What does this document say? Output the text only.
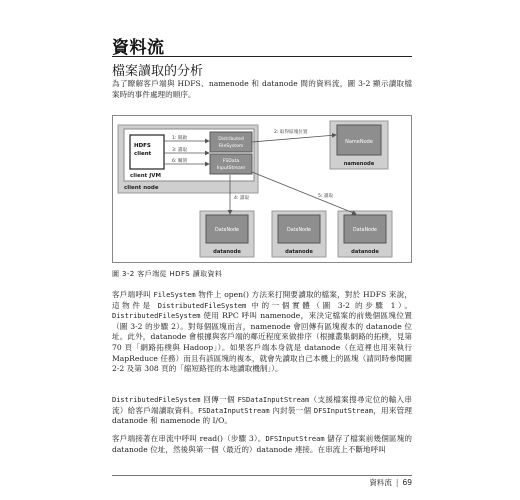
資料流
檔案讀取的分析
為了瞭解客戶端與 HDFS、namenode 和 datanode 間的資料流，圖 3-2 顯示讀取檔案時的事件處理的順序。
client node
client JVM
HDFS
client
Distributed
FileSystem
FSData
InputStream
1: 開啟
3: 讀取
6: 關閉
NameNode
namenode
2: 取得區塊位置
DataNode
datanode
DataNode
datanode
DataNode
datanode
4: 讀取	5: 讀取
圖 3-2 客戶端從 HDFS 讀取資料
客戶端呼叫 FileSystem 物件上 open() 方法來打開要讀取的檔案，對於 HDFS 來說，這物件是 DistributedFileSystem 中的一個實體（圖 3-2 的步驟 1）。DistributedFileSystem 使用 RPC 呼叫 namenode，來決定檔案的前幾個區塊位置（圖 3-2 的步驟 2）。對每個區塊而言，namenode 會回傳有區塊複本的 datanode 位址。此外，datanode 會根據與客戶端的鄰近程度來做排序（根據叢集網路的拓樸，見第 70 頁「網路拓樸與 Hadoop」）。如果客戶端本身就是 datanode（在這裡也用來執行 MapReduce 任務）而且有該區塊的複本，就會先讀取自己本機上的區塊（請同時參閱圖 2-2 及第 308 頁的「縮短路徑的本地讀取機制」）。
DistributedFileSystem 回傳一個 FSDataInputStream（支援檔案搜尋定位的輸入串流）給客戶端讀取資料。FSDataInputStream 內封裝一個 DFSInputStream，用來管理 datanode 和 namenode 的 I/O。
客戶端接著在串流中呼叫 read()（步驟 3）。DFSInputStream 儲存了檔案前幾個區塊的 datanode 位址，然後與第一個（最近的）datanode 連接。在串流上不斷地呼叫
資料流 | 69
